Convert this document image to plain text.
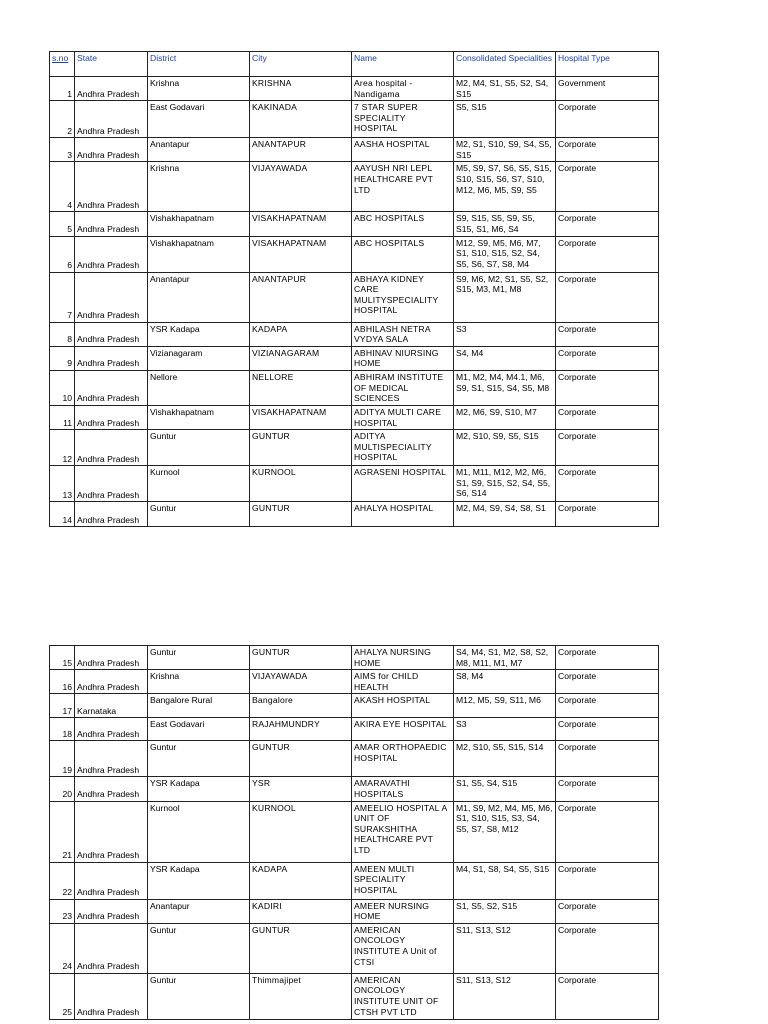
s.no	State	District	City	Name	Consolidated Specialities	Hospital Type
1	Andhra Pradesh	Krishna	KRISHNA	Area hospital - Nandigama	M2, M4, S1, S5, S2, S4, S15	Government
2	Andhra Pradesh	East Godavari	KAKINADA	7 STAR SUPER SPECIALITY HOSPITAL	S5, S15	Corporate
3	Andhra Pradesh	Anantapur	ANANTAPUR	AASHA HOSPITAL	M2, S1, S10, S9, S4, S5, S15	Corporate
4	Andhra Pradesh	Krishna	VIJAYAWADA	AAYUSH NRI LEPL HEALTHCARE PVT LTD	M5, S9, S7, S6, S5, S15, S10, S15, S6, S7, S10, M12, M6, M5, S9, S5	Corporate
5	Andhra Pradesh	Vishakhapatnam	VISAKHAPATNAM	ABC HOSPITALS	S9, S15, S5, S9, S5, S15, S1, M6, S4	Corporate
6	Andhra Pradesh	Vishakhapatnam	VISAKHAPATNAM	ABC HOSPITALS	M12, S9, M5, M6, M7, S1, S10, S15, S2, S4, S5, S6, S7, S8, M4	Corporate
7	Andhra Pradesh	Anantapur	ANANTAPUR	ABHAYA KIDNEY CARE MULITYSPECIALITY HOSPITAL	S9, M6, M2, S1, S5, S2, S15, M3, M1, M8	Corporate
8	Andhra Pradesh	YSR Kadapa	KADAPA	ABHILASH NETRA VYDYA SALA	S3	Corporate
9	Andhra Pradesh	Vizianagaram	VIZIANAGARAM	ABHINAV NIURSING HOME	S4, M4	Corporate
10	Andhra Pradesh	Nellore	NELLORE	ABHIRAM INSTITUTE OF MEDICAL SCIENCES	M1, M2, M4, M4.1, M6, S9, S1, S15, S4, S5, M8	Corporate
11	Andhra Pradesh	Vishakhapatnam	VISAKHAPATNAM	ADITYA MULTI CARE HOSPITAL	M2, M6, S9, S10, M7	Corporate
12	Andhra Pradesh	Guntur	GUNTUR	ADITYA MULTISPECIALITY HOSPITAL	M2, S10, S9, S5, S15	Corporate
13	Andhra Pradesh	Kurnool	KURNOOL	AGRASENI HOSPITAL	M1, M11, M12, M2, M6, S1, S9, S15, S2, S4, S5, S6, S14	Corporate
14	Andhra Pradesh	Guntur	GUNTUR	AHALYA HOSPITAL	M2, M4, S9, S4, S8, S1	Corporate
15	Andhra Pradesh	Guntur	GUNTUR	AHALYA NURSING HOME	S4, M4, S1, M2, S8, S2, M8, M11, M1, M7	Corporate
16	Andhra Pradesh	Krishna	VIJAYAWADA	AIMS for CHILD HEALTH	S8, M4	Corporate
17	Karnataka	Bangalore Rural	Bangalore	AKASH HOSPITAL	M12, M5, S9, S11, M6	Corporate
18	Andhra Pradesh	East Godavari	RAJAHMUNDRY	AKIRA EYE HOSPITAL	S3	Corporate
19	Andhra Pradesh	Guntur	GUNTUR	AMAR ORTHOPAEDIC HOSPITAL	M2, S10, S5, S15, S14	Corporate
20	Andhra Pradesh	YSR Kadapa	YSR	AMARAVATHI HOSPITALS	S1, S5, S4, S15	Corporate
21	Andhra Pradesh	Kurnool	KURNOOL	AMEELIO HOSPITAL A UNIT OF SURAKSHITHA HEALTHCARE PVT LTD	M1, S9, M2, M4, M5, M6, S1, S10, S15, S3, S4, S5, S7, S8, M12	Corporate
22	Andhra Pradesh	YSR Kadapa	KADAPA	AMEEN MULTI SPECIALITY HOSPITAL	M4, S1, S8, S4, S5, S15	Corporate
23	Andhra Pradesh	Anantapur	KADIRI	AMEER NURSING HOME	S1, S5, S2, S15	Corporate
24	Andhra Pradesh	Guntur	GUNTUR	AMERICAN ONCOLOGY INSTITUTE A Unit of CTSI	S11, S13, S12	Corporate
25	Andhra Pradesh	Guntur	Thimmajipet	AMERICAN ONCOLOGY INSTITUTE UNIT OF CTSH PVT LTD	S11, S13, S12	Corporate
